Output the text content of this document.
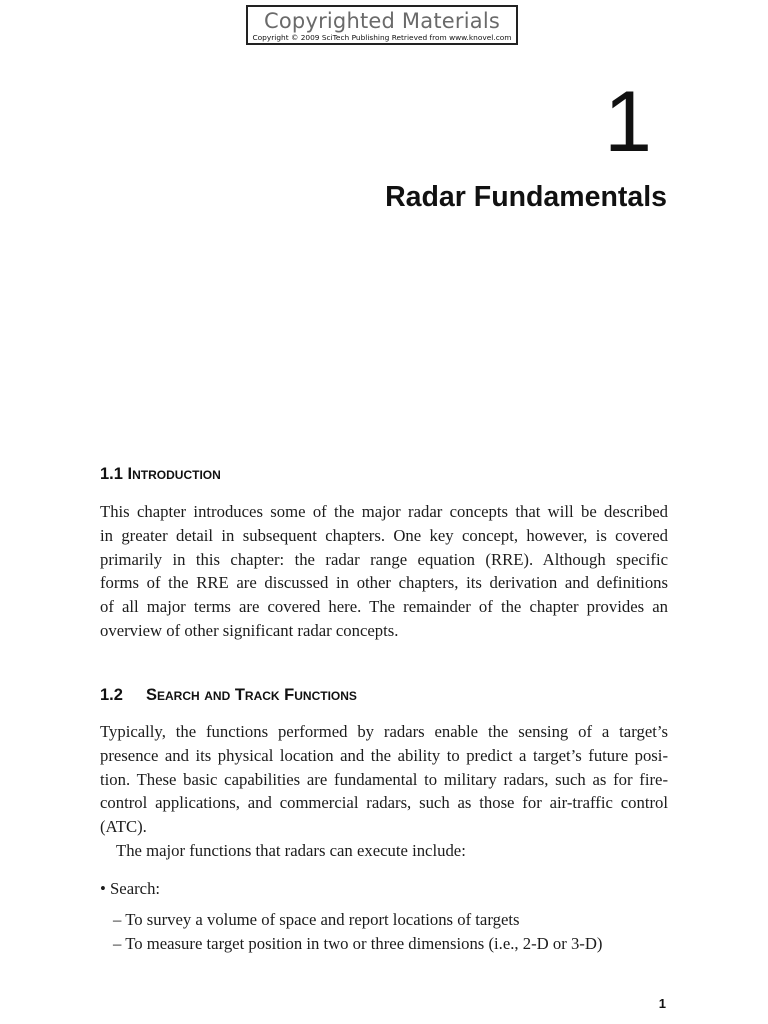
Copyrighted Materials
Copyright © 2009 SciTech Publishing Retrieved from www.knovel.com
1
Radar Fundamentals
1.1 Introduction
This chapter introduces some of the major radar concepts that will be described
in greater detail in subsequent chapters. One key concept, however, is covered
primarily in this chapter: the radar range equation (RRE). Although specific
forms of the RRE are discussed in other chapters, its derivation and definitions
of all major terms are covered here. The remainder of the chapter provides an
overview of other significant radar concepts.
1.2 Search and Track Functions
Typically, the functions performed by radars enable the sensing of a target’s
presence and its physical location and the ability to predict a target’s future posi-
tion. These basic capabilities are fundamental to military radars, such as for fire-
control applications, and commercial radars, such as those for air-traffic control
(ATC).
The major functions that radars can execute include:
• Search:
– To survey a volume of space and report locations of targets
– To measure target position in two or three dimensions (i.e., 2-D or 3-D)
1
